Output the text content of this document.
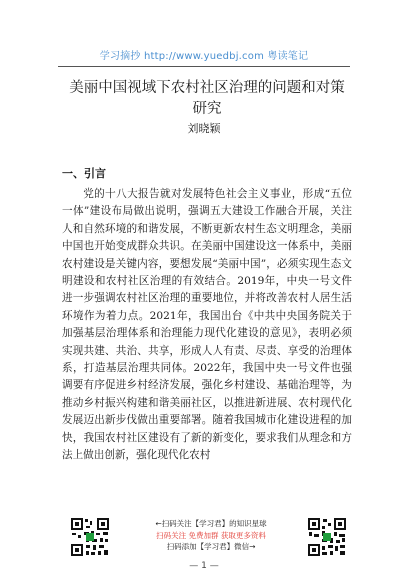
学习摘抄 http://www.yuedbj.com 粤读笔记
美丽中国视域下农村社区治理的问题和对策研究
刘晓颖
一、引言

党的十八大报告就对发展特色社会主义事业，形成“五位一体”建设布局做出说明，强调五大建设工作融合开展，关注人和自然环境的和谐发展，不断更新农村生态文明理念，美丽中国也开始变成群众共识。在美丽中国建设这一体系中，美丽农村建设是关键内容，要想发展“美丽中国”，必须实现生态文明建设和农村社区治理的有效结合。2019年，中央一号文件进一步强调农村社区治理的重要地位，并将改善农村人居生活环境作为着力点。2021年，我国出台《中共中央国务院关于加强基层治理体系和治理能力现代化建设的意见》，表明必须实现共建、共治、共享，形成人人有责、尽责、享受的治理体系，打造基层治理共同体。2022年，我国中央一号文件也强调要有序促进乡村经济发展，强化乡村建设、基础治理等，为推动乡村振兴构建和谐美丽社区，以推进新进展、农村现代化发展迈出新步伐做出重要部署。随着我国城市化建设进程的加快，我国农村社区建设有了新的新变化，要求我们从理念和方法上做出创新，强化现代化农村

←扫码关注【学习君】的知识星球
扫码关注 免费加群 获取更多资料
扫码添加【学习君】微信→
— 1 —
